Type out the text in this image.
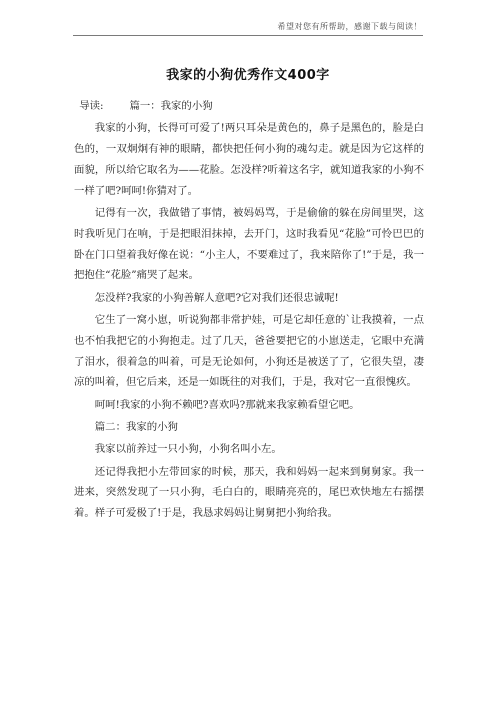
希望对您有所帮助，感谢下载与阅读！
我家的小狗优秀作文400字

导读:	篇一：我家的小狗

我家的小狗，长得可可爱了!两只耳朵是黄色的，鼻子是黑色的，脸是白色的，一双炯炯有神的眼睛，都快把任何小狗的魂勾走。就是因为它这样的面貌，所以给它取名为——花脸。怎没样?听着这名字，就知道我家的小狗不一样了吧?呵呵!你猜对了。

记得有一次，我做错了事情，被妈妈骂，于是偷偷的躲在房间里哭，这时我听见门在响，于是把眼泪抹掉，去开门，这时我看见“花脸”可怜巴巴的卧在门口望着我好像在说：“小主人，不要难过了，我来陪你了!”于是，我一把抱住“花脸”痛哭了起来。

怎没样?我家的小狗善解人意吧?它对我们还很忠诚呢!

它生了一窝小崽，听说狗都非常护娃，可是它却任意的`让我摸着，一点也不怕我把它的小狗抱走。过了几天，爸爸要把它的小崽送走，它眼中充满了泪水，很着急的叫着，可是无论如何，小狗还是被送了了，它很失望，凄凉的叫着，但它后来，还是一如既往的对我们，于是，我对它一直很愧疚。

呵呵!我家的小狗不赖吧?喜欢吗?那就来我家赖看望它吧。

篇二：我家的小狗

我家以前养过一只小狗，小狗名叫小左。

还记得我把小左带回家的时候，那天，我和妈妈一起来到舅舅家。我一进来，突然发现了一只小狗，毛白白的，眼睛亮亮的，尾巴欢快地左右摇摆着。样子可爱极了!于是，我恳求妈妈让舅舅把小狗给我。
